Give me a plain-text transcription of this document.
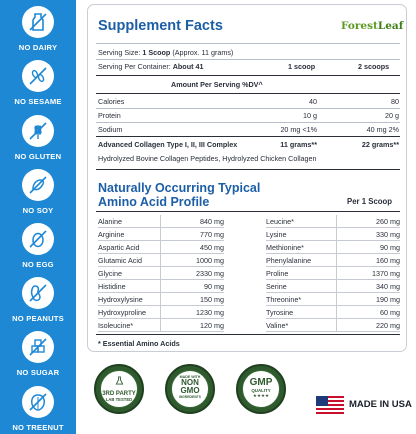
NO DAIRY
NO SESAME
NO GLUTEN
NO SOY
NO EGG
NO PEANUTS
NO SUGAR
NO TREENUT
Supplement Facts	ForestLeaf
Serving Size: 1 Scoop (Approx. 11 grams)
Serving Per Container: About 41	1 scoop	2 scoops
Amount Per Serving %DV^
Calories	40	80
Protein	10 g	20 g
Sodium	20 mg <1%	40 mg 2%
Advanced Collagen Type I, II, III Complex	11 grams**	22 grams**
Hydrolyzed Bovine Collagen Peptides, Hydrolyzed Chicken Collagen
Naturally Occurring Typical
Amino Acid Profile	Per 1 Scoop
Alanine	840 mg
Arginine	770 mg
Aspartic Acid	450 mg
Glutamic Acid	1000 mg
Glycine	2330 mg
Histidine	90 mg
Hydroxylysine	150 mg
Hydroxyproline	1230 mg
Isoleucine*	120 mg
Leucine*	260 mg
Lysine	330 mg
Methionine*	90 mg
Phenylalanine	160 mg
Proline	1370 mg
Serine	340 mg
Threonine*	190 mg
Tyrosine	60 mg
Valine*	220 mg
* Essential Amino Acids
3RD PARTY
LAB TESTED
MADE WITH
NON
GMO
INGREDIENTS
GMP
QUALITY
★★★★
MADE IN USA
